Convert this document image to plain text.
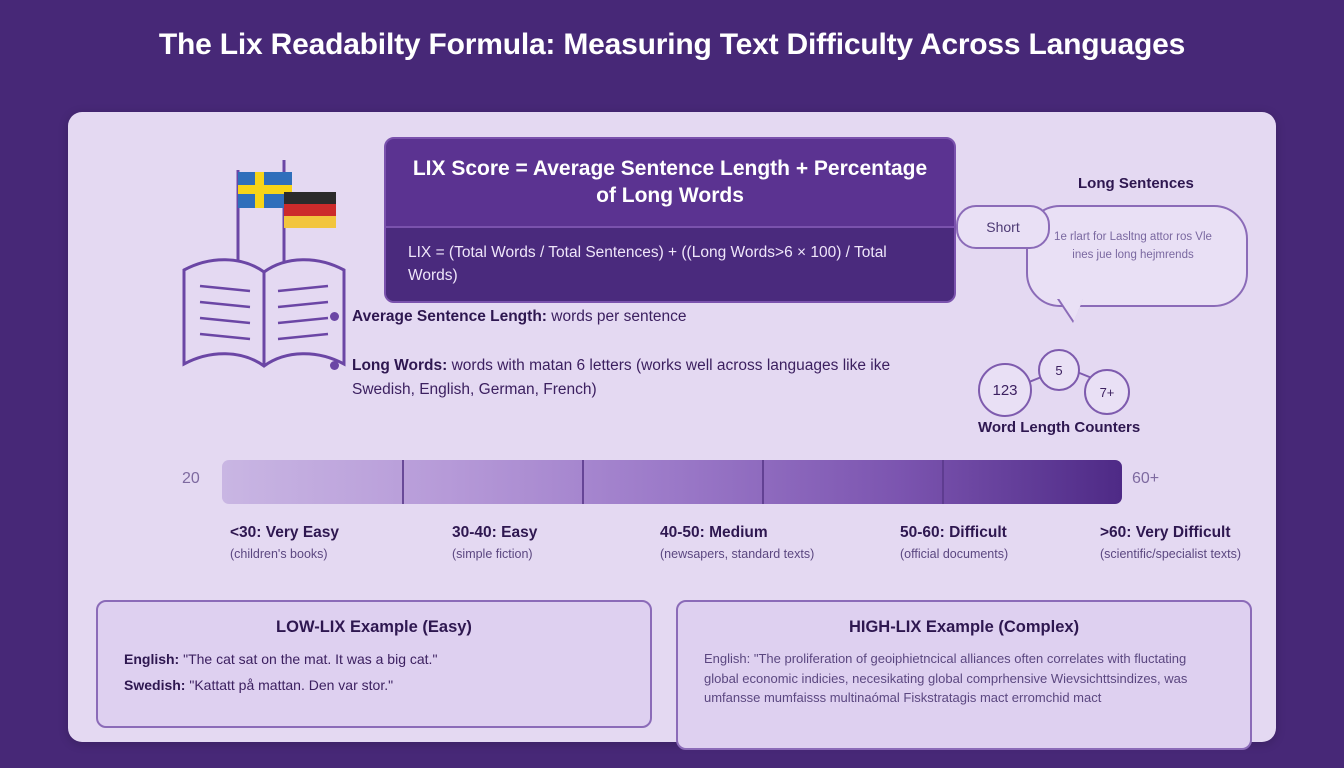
The Lix Readabilty Formula: Measuring Text Difficulty Across Languages
LIX Score = Average Sentence Length + Percentage of Long Words
LIX = (Total Words / Total Sentences) + ((Long Words>6 × 100) / Total Words)
Average Sentence Length: words per sentence
Long Words: words with matan 6 letters (works well across languages like ike Swedish, English, German, French)
Long Sentences
1e rlart for Lasltng attor ros Vle ines jue long hejmrends
Short
123
5
7+
Word Length Counters
20	60+
<30: Very Easy
(children's books)
30-40: Easy
(simple fiction)
40-50: Medium
(newsapers, standard texts)
50-60: Difficult
(official documents)
>60: Very Difficult
(scientific/specialist texts)
LOW-LIX Example (Easy)
English: "The cat sat on the mat. It was a big cat."
Swedish: "Kattatt på mattan. Den var stor."
HIGH-LIX Example (Complex)
English: "The proliferation of geoiphietncical alliances often correlates with fluctating global economic indicies, necesikating global comprhensive Wievsichttsindizes, was umfansse mumfaisss multinaómal Fiskstratagis mact erromchid mact
